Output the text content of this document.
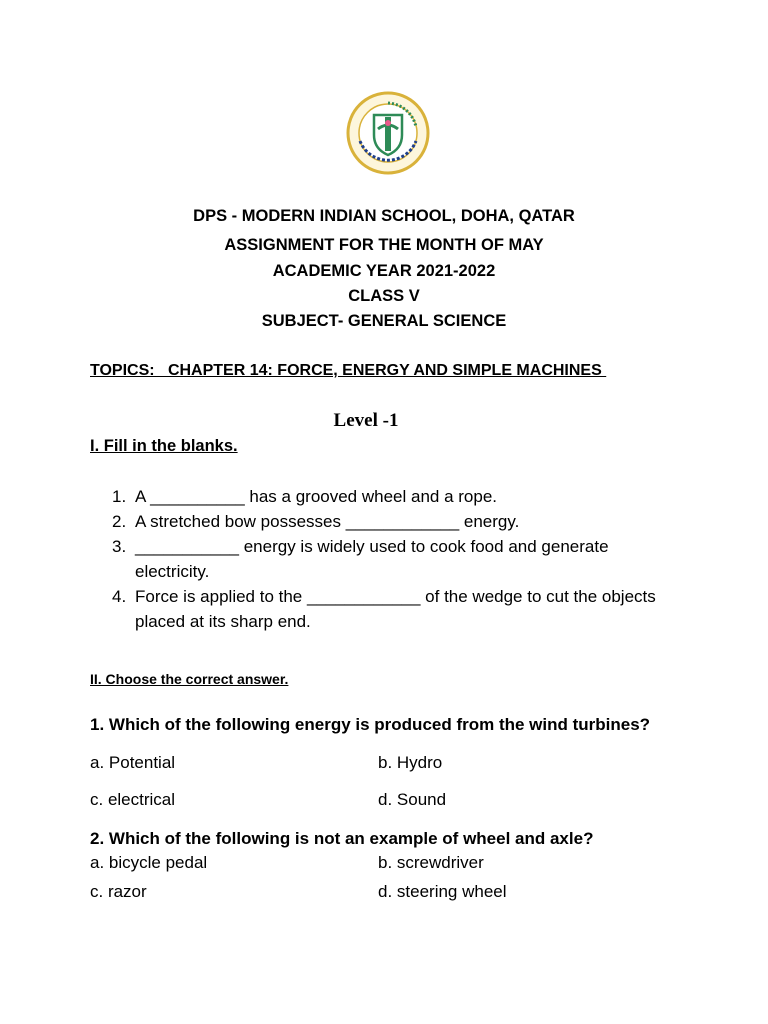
DPS - MODERN INDIAN SCHOOL, DOHA, QATAR
ASSIGNMENT FOR THE MONTH OF MAY
ACADEMIC YEAR 2021-2022
CLASS V
SUBJECT- GENERAL SCIENCE
TOPICS:   CHAPTER 14: FORCE, ENERGY AND SIMPLE MACHINES
Level -1
I. Fill in the blanks.
1. A __________ has a grooved wheel and a rope.
2. A stretched bow possesses ____________ energy.
3. ___________ energy is widely used to cook food and generate electricity.
4. Force is applied to the ____________ of the wedge to cut the objects placed at its sharp end.
II. Choose the correct answer.
1. Which of the following energy is produced from the wind turbines?
a. Potential	b. Hydro
c. electrical	d. Sound
2. Which of the following is not an example of wheel and axle?
a. bicycle pedal	b. screwdriver
c. razor	d. steering wheel
